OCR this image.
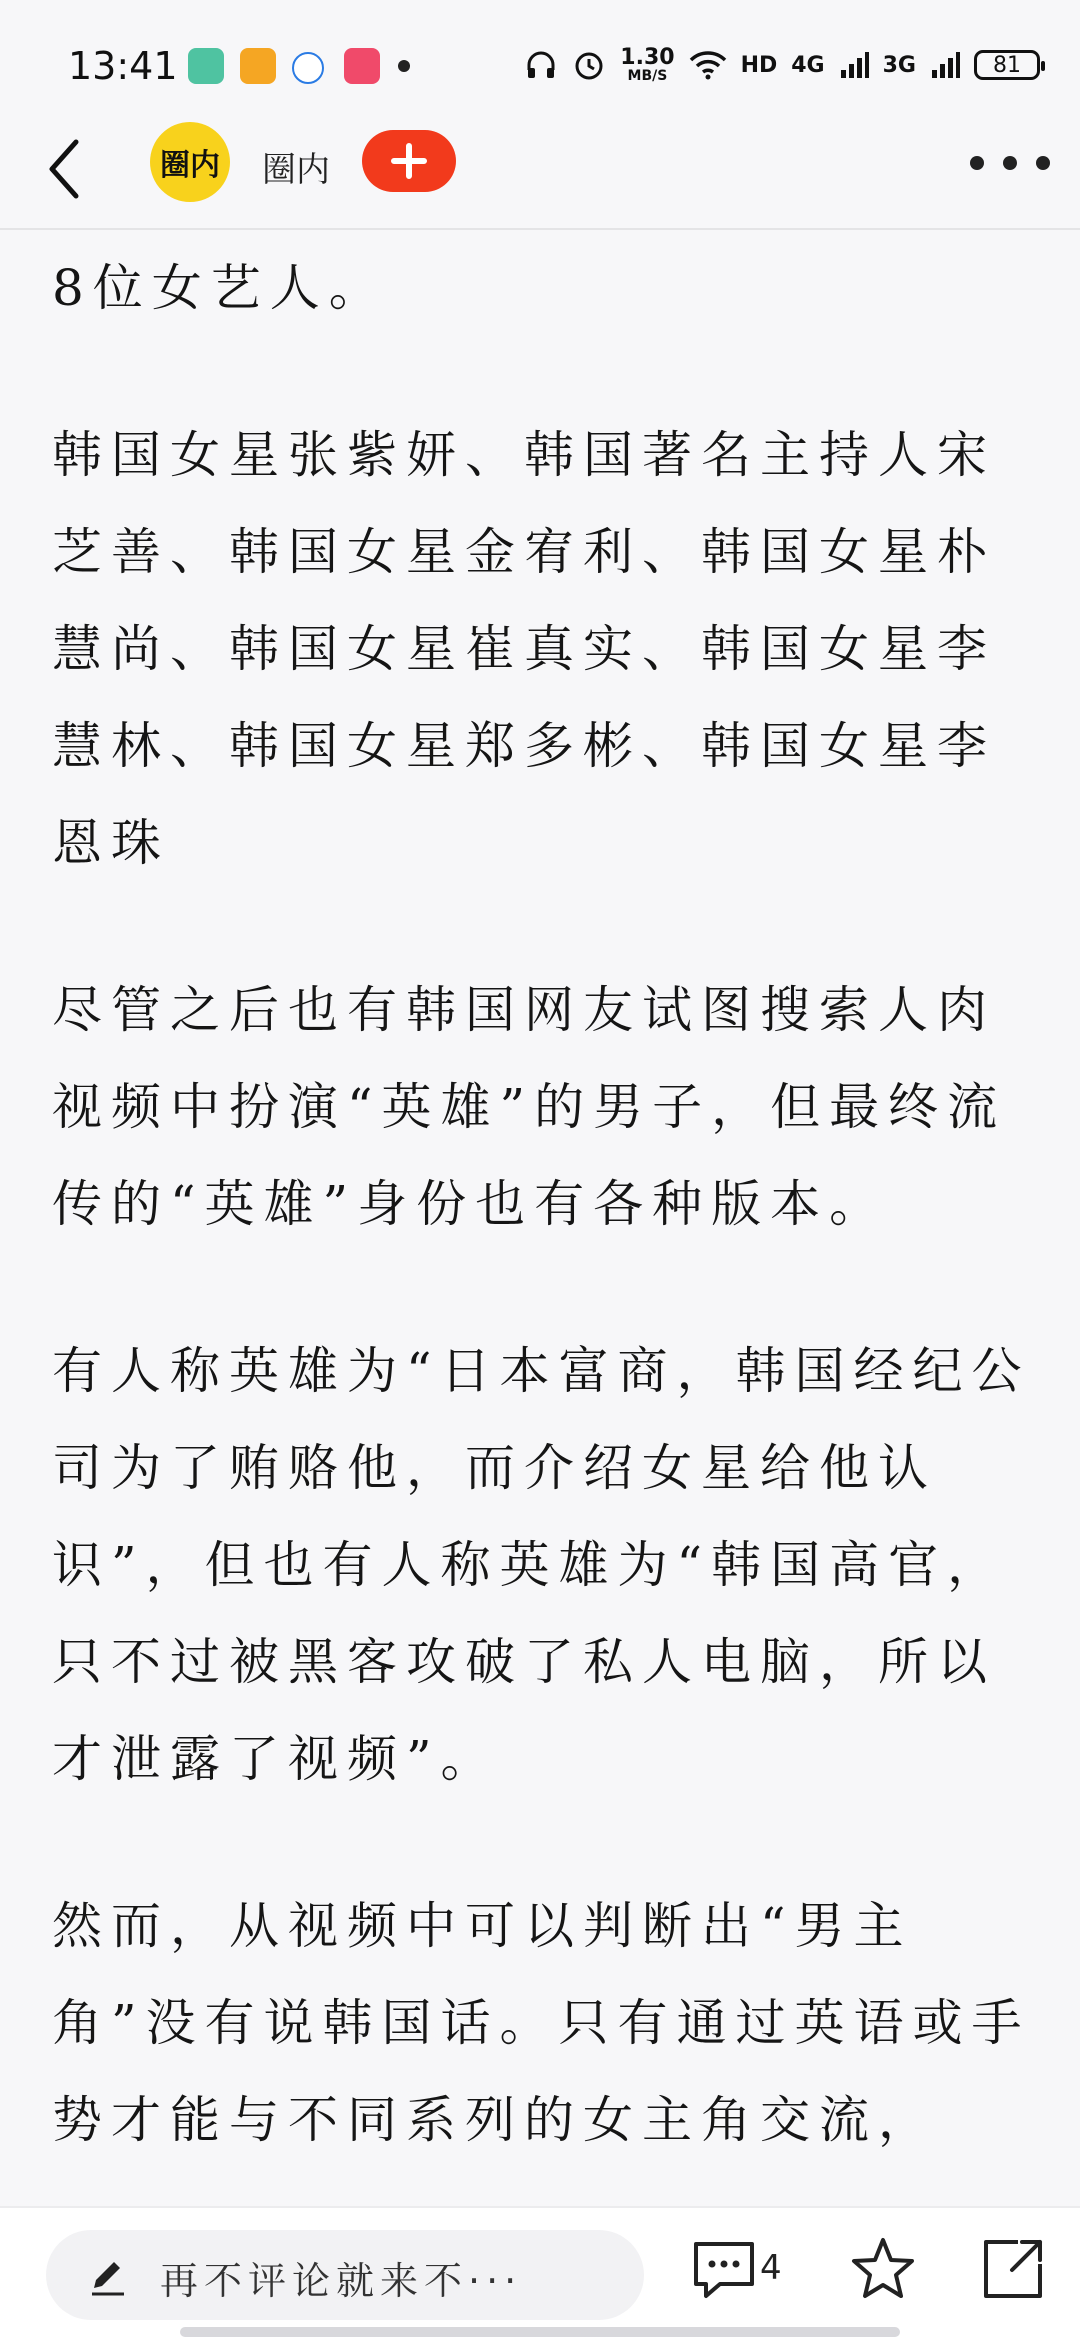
13:41	1.30
MB/S	HD 4G	3G	81
圈内 圈内

8位女艺人。

韩国女星张紫妍、韩国著名主持人宋芝善、韩国女星金宥利、韩国女星朴慧尚、韩国女星崔真实、韩国女星李慧林、韩国女星郑多彬、韩国女星李恩珠

尽管之后也有韩国网友试图搜索人肉视频中扮演“英雄”的男子，但最终流传的“英雄”身份也有各种版本。

有人称英雄为“日本富商，韩国经纪公司为了贿赂他，而介绍女星给他认识”，但也有人称英雄为“韩国高官，只不过被黑客攻破了私人电脑，所以才泄露了视频”。

然而，从视频中可以判断出“男主角”没有说韩国话。只有通过英语或手势才能与不同系列的女主角交流，

再不评论就来不···	4
